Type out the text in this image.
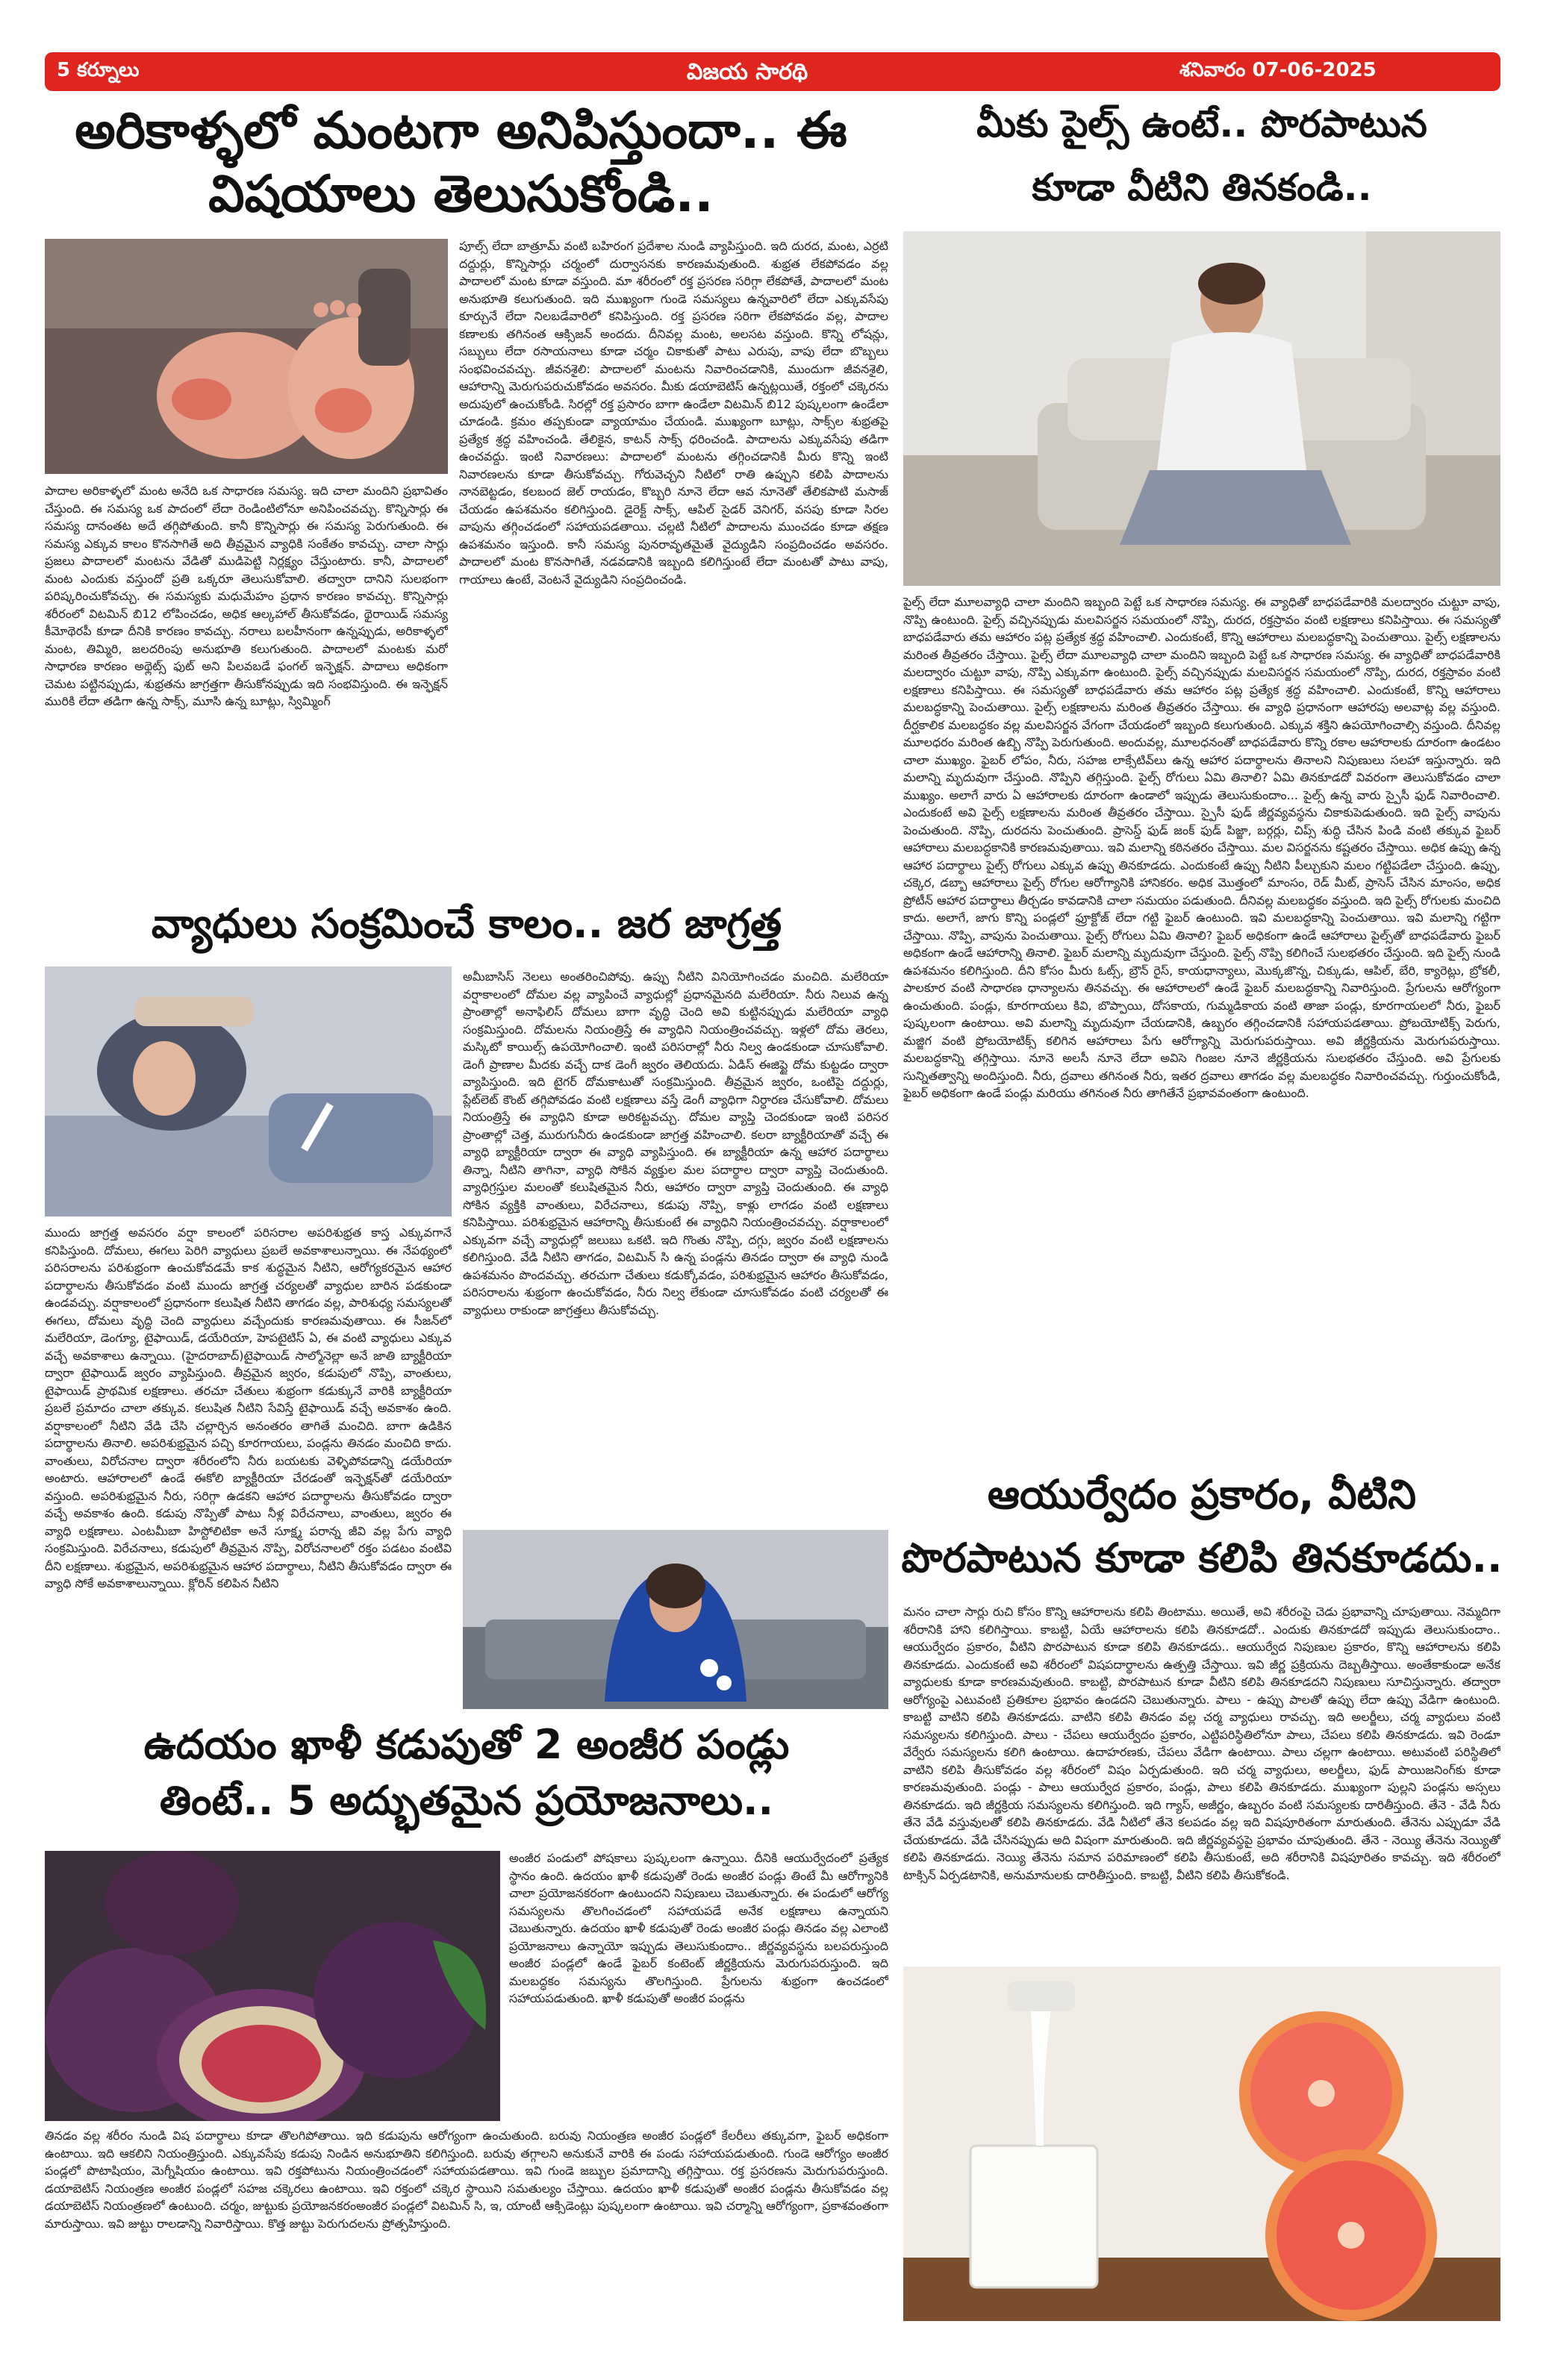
5 కర్నూలు	విజయ సారథి	శనివారం 07-06-2025
అరికాళ్ళలో మంటగా అనిపిస్తుందా.. ఈ
విషయాలు తెలుసుకోండి..
పాదాల అరికాళ్ళలో మంట అనేది ఒక సాధారణ సమస్య. ఇది చాలా మందిని ప్రభావితం చేస్తుంది. ఈ సమస్య ఒక పాదంలో లేదా రెండింటిలోనూ అనిపించవచ్చు. కొన్నిసార్లు ఈ సమస్య దానంతట అదే తగ్గిపోతుంది. కానీ కొన్నిసార్లు ఈ సమస్య పెరుగుతుంది. ఈ సమస్య ఎక్కువ కాలం కొనసాగితే అది తీవ్రమైన వ్యాధికి సంకేతం కావచ్చు. చాలా సార్లు ప్రజలు పాదాలలో మంటను వేడితో ముడిపెట్టి నిర్లక్ష్యం చేస్తుంటారు. కానీ, పాదాలలో మంట ఎందుకు వస్తుందో ప్రతి ఒక్కరూ తెలుసుకోవాలి. తద్వారా దానిని సులభంగా పరిష్కరించుకోవచ్చు. ఈ సమస్యకు మధుమేహం ప్రధాన కారణం కావచ్చు. కొన్నిసార్లు శరీరంలో విటమిన్ బి12 లోపించడం, అధిక ఆల్కహాల్ తీసుకోవడం, థైరాయిడ్ సమస్య కీమోథెరపీ కూడా దీనికి కారణం కావచ్చు. నరాలు బలహీనంగా ఉన్నప్పుడు, అరికాళ్ళలో మంట, తిమ్మిరి, జలదరింపు అనుభూతి కలుగుతుంది. పాదాలలో మంటకు మరో సాధారణ కారణం అథ్లెట్స్ ఫుట్ అని పిలవబడే ఫంగల్ ఇన్ఫెక్షన్. పాదాలు అధికంగా చెమట పట్టినప్పుడు, శుభ్రతను జాగ్రత్తగా తీసుకోనప్పుడు ఇది సంభవిస్తుంది. ఈ ఇన్ఫెక్షన్ మురికి లేదా తడిగా ఉన్న సాక్స్, మూసి ఉన్న బూట్లు, స్విమ్మింగ్
పూల్స్ లేదా బాత్రూమ్ వంటి బహిరంగ ప్రదేశాల నుండి వ్యాపిస్తుంది. ఇది దురద, మంట, ఎర్రటి దద్దుర్లు, కొన్నిసార్లు చర్మంలో దుర్వాసనకు కారణమవుతుంది. శుభ్రత లేకపోవడం వల్ల పాదాలలో మంట కూడా వస్తుంది. మా శరీరంలో రక్త ప్రసరణ సరిగ్గా లేకపోతే, పాదాలలో మంట అనుభూతి కలుగుతుంది. ఇది ముఖ్యంగా గుండె సమస్యలు ఉన్నవారిలో లేదా ఎక్కువసేపు కూర్చునే లేదా నిలబడేవారిలో కనిపిస్తుంది. రక్త ప్రసరణ సరిగా లేకపోవడం వల్ల, పాదాల కణాలకు తగినంత ఆక్సిజన్ అందదు. దీనివల్ల మంట, అలసట వస్తుంది. కొన్ని లోషన్లు, సబ్బులు లేదా రసాయనాలు కూడా చర్మం చికాకుతో పాటు ఎరుపు, వాపు లేదా బొబ్బలు సంభవించవచ్చు. జీవనశైలి: పాదాలలో మంటను నివారించడానికి, ముందుగా జీవనశైలి, ఆహారాన్ని మెరుగుపరుచుకోవడం అవసరం. మీకు డయాబెటిస్ ఉన్నట్లయితే, రక్తంలో చక్కెరను అదుపులో ఉంచుకోండి. సిరల్లో రక్త ప్రసారం బాగా ఉండేలా విటమిన్ బి12 పుష్కలంగా ఉండేలా చూడండి. క్రమం తప్పకుండా వ్యాయామం చేయండి. ముఖ్యంగా బూట్లు, సాక్స్‌ల శుభ్రతపై ప్రత్యేక శ్రద్ధ వహించండి. తేలికైన, కాటన్ సాక్స్ ధరించండి. పాదాలను ఎక్కువసేపు తడిగా ఉంచవద్దు. ఇంటి నివారణలు: పాదాలలో మంటను తగ్గించడానికి మీరు కొన్ని ఇంటి నివారణలను కూడా తీసుకోవచ్చు. గోరువెచ్చని నీటిలో రాతి ఉప్పుని కలిపి పాదాలను నానబెట్టడం, కలబంద జెల్ రాయడం, కొబ్బరి నూనె లేదా ఆవ నూనెతో తేలికపాటి మసాజ్ చేయడం ఉపశమనం కలిగిస్తుంది. డైరెక్ట్ సాక్స్, ఆపిల్ సైడర్ వెనిగర్, వసపు కూడా సిరల వాపును తగ్గించడంలో సహాయపడతాయి. చల్లటి నీటిలో పాదాలను ముంచడం కూడా తక్షణ ఉపశమనం ఇస్తుంది. కానీ సమస్య పునరావృతమైతే వైద్యుడిని సంప్రదించడం అవసరం. పాదాలలో మంట కొనసాగితే, నడవడానికి ఇబ్బంది కలిగిస్తుంటే లేదా మంటతో పాటు వాపు, గాయాలు ఉంటే, వెంటనే వైద్యుడిని సంప్రదించండి.
వ్యాధులు సంక్రమించే కాలం.. జర జాగ్రత్త
ముందు జాగ్రత్త అవసరం వర్షా కాలంలో పరిసరాల అపరిశుభ్రత కాస్త ఎక్కువగానే కనిపిస్తుంది. దోమలు, ఈగలు పెరిగి వ్యాధులు ప్రబలే అవకాశాలున్నాయి. ఈ నేపథ్యంలో పరిసరాలను పరిశుభ్రంగా ఉంచుకోవడమే కాక శుద్ధమైన నీటిని, ఆరోగ్యకరమైన ఆహార పదార్థాలను తీసుకోవడం వంటి ముందు జాగ్రత్త చర్యలతో వ్యాధుల బారిన పడకుండా ఉండవచ్చు. వర్షాకాలంలో ప్రధానంగా కలుషిత నీటిని తాగడం వల్ల, పారిశుధ్య సమస్యలతో ఈగలు, దోమలు వృద్ధి చెంది వ్యాధులు వచ్చేందుకు కారణమవుతాయి. ఈ సీజన్‌లో మలేరియా, డెంగ్యూ, టైఫాయిడ్, డయేరియా, హెపటైటిస్ ఏ, ఈ వంటి వ్యాధులు ఎక్కువ వచ్చే అవకాశాలు ఉన్నాయి. (హైదరాబాద్)టైఫాయిడ్ సాల్మోనెల్లా అనే జాతి బ్యాక్టీరియా ద్వారా టైఫాయిడ్ జ్వరం వ్యాపిస్తుంది. తీవ్రమైన జ్వరం, కడుపులో నొప్పి, వాంతులు, టైఫాయిడ్ ప్రాథమిక లక్షణాలు. తరచూ చేతులు శుభ్రంగా కడుక్కునే వారికి బ్యాక్టీరియా ప్రబలే ప్రమాదం చాలా తక్కువ. కలుషిత నీటిని సేవిస్తే టైఫాయిడ్ వచ్చే అవకాశం ఉంది. వర్షాకాలంలో నీటిని వేడి చేసి చల్లార్చిన అనంతరం తాగితే మంచిది. బాగా ఉడికిన పదార్థాలను తినాలి. అపరిశుభ్రమైన పచ్చి కూరగాయలు, పండ్లను తినడం మంచిది కాదు. వాంతులు, విరోచనాల ద్వారా శరీరంలోని నీరు బయటకు వెళ్ళిపోవడాన్ని డయేరియా అంటారు. ఆహారాలలో ఉండే ఈకోలి బ్యాక్టీరియా చేరడంతో ఇన్ఫెక్షన్‌తో డయేరియా వస్తుంది. అపరిశుభ్రమైన నీరు, సరిగ్గా ఉడకని ఆహార పదార్థాలను తీసుకోవడం ద్వారా వచ్చే అవకాశం ఉంది. కడుపు నొప్పితో పాటు నీళ్ల విరేచనాలు, వాంతులు, జ్వరం ఈ వ్యాధి లక్షణాలు. ఎంటమీబా హిస్టోలిటికా అనే సూక్ష్మ పరాన్న జీవి వల్ల పేగు వ్యాధి సంక్రమిస్తుంది. విరేచనాలు, కడుపులో తీవ్రమైన నొప్పి, విరోచనాలలో రక్తం పడటం వంటివి దీని లక్షణాలు. శుభ్రమైన, అపరిశుభ్రమైన ఆహార పదార్థాలు, నీటిని తీసుకోవడం ద్వారా ఈ వ్యాధి సోకే అవకాశాలున్నాయి. క్లోరిన్ కలిపిన నీటిని
అమీబాసిస్ నెలలు అంతరించిపోవు. ఉప్పు నీటిని వినియోగించడం మంచిది. మలేరియా వర్షాకాలంలో దోమల వల్ల వ్యాపించే వ్యాధుల్లో ప్రధానమైనది మలేరియా. నీరు నిలువ ఉన్న ప్రాంతాల్లో అనాఫిలిస్ దోమలు బాగా వృద్ధి చెంది అవి కుట్టినప్పుడు మలేరియా వ్యాధి సంక్రమిస్తుంది. దోమలను నియంత్రిస్తే ఈ వ్యాధిని నియంత్రించవచ్చు. ఇళ్లలో దోమ తెరలు, మస్కిటో కాయిల్స్ ఉపయోగించాలి. ఇంటి పరిసరాల్లో నీరు నిల్వ ఉండకుండా చూసుకోవాలి. డెంగీ ప్రాణాల మీదకు వచ్చే దాక డెంగీ జ్వరం తెలియదు. ఏడిస్ ఈజిప్టై దోమ కుట్టడం ద్వారా వ్యాపిస్తుంది. ఇది టైగర్ దోమకాటుతో సంక్రమిస్తుంది. తీవ్రమైన జ్వరం, ఒంటిపై దద్దుర్లు, ప్లేట్‌లెట్ కౌంట్ తగ్గిపోవడం వంటి లక్షణాలు వస్తే డెంగీ వ్యాధిగా నిర్ధారణ చేసుకోవాలి. దోమలు నియంత్రిస్తే ఈ వ్యాధిని కూడా అరికట్టవచ్చు. దోమల వ్యాప్తి చెందకుండా ఇంటి పరిసర ప్రాంతాల్లో చెత్త, మురుగునీరు ఉండకుండా జాగ్రత్త వహించాలి. కలరా బ్యాక్టీరియాతో వచ్చే ఈ వ్యాధి బ్యాక్టీరియా ద్వారా ఈ వ్యాధి వ్యాపిస్తుంది. ఈ బ్యాక్టీరియా ఉన్న ఆహార పదార్థాలు తిన్నా, నీటిని తాగినా, వ్యాధి సోకిన వ్యక్తుల మల పదార్థాల ద్వారా వ్యాప్తి చెందుతుంది. వ్యాధిగ్రస్తుల మలంతో కలుషితమైన నీరు, ఆహారం ద్వారా వ్యాప్తి చెందుతుంది. ఈ వ్యాధి సోకిన వ్యక్తికి వాంతులు, విరేచనాలు, కడుపు నొప్పి, కాళ్లు లాగడం వంటి లక్షణాలు కనిపిస్తాయి. పరిశుభ్రమైన ఆహారాన్ని తీసుకుంటే ఈ వ్యాధిని నియంత్రించవచ్చు. వర్షాకాలంలో ఎక్కువగా వచ్చే వ్యాధుల్లో జలుబు ఒకటి. ఇది గొంతు నొప్పి, దగ్గు, జ్వరం వంటి లక్షణాలను కలిగిస్తుంది. వేడి నీటిని తాగడం, విటమిన్ సి ఉన్న పండ్లను తినడం ద్వారా ఈ వ్యాధి నుండి ఉపశమనం పొందవచ్చు. తరచుగా చేతులు కడుక్కోవడం, పరిశుభ్రమైన ఆహారం తీసుకోవడం, పరిసరాలను శుభ్రంగా ఉంచుకోవడం, నీరు నిల్వ లేకుండా చూసుకోవడం వంటి చర్యలతో ఈ వ్యాధులు రాకుండా జాగ్రత్తలు తీసుకోవచ్చు.
ఉదయం ఖాళీ కడుపుతో 2 అంజీర పండ్లు
తింటే.. 5 అద్భుతమైన ప్రయోజనాలు..
అంజీర పండులో పోషకాలు పుష్కలంగా ఉన్నాయి. దీనికి ఆయుర్వేదంలో ప్రత్యేక స్థానం ఉంది. ఉదయం ఖాళీ కడుపుతో రెండు అంజీర పండ్లు తింటే మీ ఆరోగ్యానికి చాలా ప్రయోజనకరంగా ఉంటుందని నిపుణులు చెబుతున్నారు. ఈ పండులో ఆరోగ్య సమస్యలను తొలగించడంలో సహాయపడే అనేక లక్షణాలు ఉన్నాయని చెబుతున్నారు. ఉదయం ఖాళీ కడుపుతో రెండు అంజీర పండ్లు తినడం వల్ల ఎలాంటి ప్రయోజనాలు ఉన్నాయో ఇప్పుడు తెలుసుకుందాం.. జీర్ణవ్యవస్థను బలపరుస్తుంది అంజీర పండ్లలో ఉండే ఫైబర్ కంటెంట్ జీర్ణక్రియను మెరుగుపరుస్తుంది. ఇది మలబద్ధకం సమస్యను తొలగిస్తుంది. ప్రేగులను శుభ్రంగా ఉంచడంలో సహాయపడుతుంది. ఖాళీ కడుపుతో అంజీర పండ్లను
తినడం వల్ల శరీరం నుండి విష పదార్థాలు కూడా తొలగిపోతాయి. ఇది కడుపును ఆరోగ్యంగా ఉంచుతుంది. బరువు నియంత్రణ అంజీర పండ్లలో కేలరీలు తక్కువగా, ఫైబర్ అధికంగా ఉంటాయి. ఇది ఆకలిని నియంత్రిస్తుంది. ఎక్కువసేపు కడుపు నిండిన అనుభూతిని కలిగిస్తుంది. బరువు తగ్గాలని అనుకునే వారికి ఈ పండు సహాయపడుతుంది. గుండె ఆరోగ్యం అంజీర పండ్లలో పొటాషియం, మెగ్నీషియం ఉంటాయి. ఇవి రక్తపోటును నియంత్రించడంలో సహాయపడతాయి. ఇవి గుండె జబ్బుల ప్రమాదాన్ని తగ్గిస్తాయి. రక్త ప్రసరణను మెరుగుపరుస్తుంది. డయాబెటిస్ నియంత్రణ అంజీర పండ్లలో సహజ చక్కెరలు ఉంటాయి. ఇవి రక్తంలో చక్కెర స్థాయిని సమతుల్యం చేస్తాయి. ఉదయం ఖాళీ కడుపుతో అంజీర పండ్లను తీసుకోవడం వల్ల డయాబెటిస్ నియంత్రణలో ఉంటుంది. చర్మం, జుట్టుకు ప్రయోజనకరంఅంజీర పండ్లలో విటమిన్ సి, ఇ, యాంటీ ఆక్సిడెంట్లు పుష్కలంగా ఉంటాయి. ఇవి చర్మాన్ని ఆరోగ్యంగా, ప్రకాశవంతంగా మారుస్తాయి. ఇవి జుట్టు రాలడాన్ని నివారిస్తాయి. కొత్త జుట్టు పెరుగుదలను ప్రోత్సహిస్తుంది.
మీకు పైల్స్ ఉంటే.. పొరపాటున
కూడా వీటిని తినకండి..
పైల్స్ లేదా మూలవ్యాధి చాలా మందిని ఇబ్బంది పెట్టే ఒక సాధారణ సమస్య. ఈ వ్యాధితో బాధపడేవారికి మలద్వారం చుట్టూ వాపు, నొప్పి ఉంటుంది. పైల్స్ వచ్చినప్పుడు మలవిసర్జన సమయంలో నొప్పి, దురద, రక్తస్రావం వంటి లక్షణాలు కనిపిస్తాయి. ఈ సమస్యతో బాధపడేవారు తమ ఆహారం పట్ల ప్రత్యేక శ్రద్ధ వహించాలి. ఎందుకంటే, కొన్ని ఆహారాలు మలబద్ధకాన్ని పెంచుతాయి. పైల్స్ లక్షణాలను మరింత తీవ్రతరం చేస్తాయి. పైల్స్ లేదా మూలవ్యాధి చాలా మందిని ఇబ్బంది పెట్టే ఒక సాధారణ సమస్య. ఈ వ్యాధితో బాధపడేవారికి మలద్వారం చుట్టూ వాపు, నొప్పి ఎక్కువగా ఉంటుంది. పైల్స్ వచ్చినప్పుడు మలవిసర్జన సమయంలో నొప్పి, దురద, రక్తస్రావం వంటి లక్షణాలు కనిపిస్తాయి. ఈ సమస్యతో బాధపడేవారు తమ ఆహారం పట్ల ప్రత్యేక శ్రద్ధ వహించాలి. ఎందుకంటే, కొన్ని ఆహారాలు మలబద్ధకాన్ని పెంచుతాయి. పైల్స్ లక్షణాలను మరింత తీవ్రతరం చేస్తాయి. ఈ వ్యాధి ప్రధానంగా ఆహారపు అలవాట్ల వల్ల వస్తుంది. దీర్ఘకాలిక మలబద్ధకం వల్ల మలవిసర్జన వేగంగా చేయడంలో ఇబ్బంది కలుగుతుంది. ఎక్కువ శక్తిని ఉపయోగించాల్సి వస్తుంది. దీనివల్ల మూలధరం మరింత ఉబ్బి నొప్పి పెరుగుతుంది. అందువల్ల, మూలధనంతో బాధపడేవారు కొన్ని రకాల ఆహారాలకు దూరంగా ఉండటం చాలా ముఖ్యం. ఫైబర్ లోపం, నీరు, సహజ లాక్సేటివ్‌లు ఉన్న ఆహార పదార్థాలను తినాలని నిపుణులు సలహా ఇస్తున్నారు. ఇది మలాన్ని మృదువుగా చేస్తుంది. నొప్పిని తగ్గిస్తుంది. పైల్స్ రోగులు ఏమి తినాలి? ఏమి తినకూడదో వివరంగా తెలుసుకోవడం చాలా ముఖ్యం. అలాగే వారు ఏ ఆహారాలకు దూరంగా ఉండాలో ఇప్పుడు తెలుసుకుందాం... పైల్స్ ఉన్న వారు స్పైసీ ఫుడ్ నివారించాలి. ఎందుకంటే అవి పైల్స్ లక్షణాలను మరింత తీవ్రతరం చేస్తాయి. స్పైసీ ఫుడ్ జీర్ణవ్యవస్థను చికాకుపెడుతుంది. ఇది పైల్స్ వాపును పెంచుతుంది. నొప్పి, దురదను పెంచుతుంది. ప్రాసెస్డ్ ఫుడ్ జంక్ ఫుడ్ పిజ్జా, బర్గర్లు, చిప్స్ శుద్ధి చేసిన పిండి వంటి తక్కువ ఫైబర్ ఆహారాలు మలబద్ధకానికి కారణమవుతాయి. ఇవి మలాన్ని కఠినతరం చేస్తాయి. మల విసర్జనను కష్టతరం చేస్తాయి. అధిక ఉప్పు ఉన్న ఆహార పదార్థాలు పైల్స్ రోగులు ఎక్కువ ఉప్పు తినకూడదు. ఎందుకంటే ఉప్పు నీటిని పీల్చుకుని మలం గట్టిపడేలా చేస్తుంది. ఉప్పు, చక్కెర, డబ్బా ఆహారాలు పైల్స్ రోగుల ఆరోగ్యానికి హానికరం. అధిక మొత్తంలో మాంసం, రెడ్ మీట్, ప్రాసెస్ చేసిన మాంసం, అధిక ప్రోటీన్ ఆహార పదార్థాలు తీర్చడం కావడానికి చాలా సమయం పడుతుంది. దీనివల్ల మలబద్ధకం వస్తుంది. ఇది పైల్స్ రోగులకు మంచిది కాదు. అలాగే, జాగు కొన్ని పండ్లలో ఫ్రూక్టోజ్ లేదా గట్టి ఫైబర్ ఉంటుంది. ఇవి మలబద్ధకాన్ని పెంచుతాయి. ఇవి మలాన్ని గట్టిగా చేస్తాయి. నొప్పి, వాపును పెంచుతాయి. పైల్స్ రోగులు ఏమి తినాలి? ఫైబర్ అధికంగా ఉండే ఆహారాలు పైల్స్‌తో బాధపడేవారు ఫైబర్ అధికంగా ఉండే ఆహారాన్ని తినాలి. ఫైబర్ మలాన్ని మృదువుగా చేస్తుంది. పైల్స్ నొప్పి కలిగించే సులభతరం చేస్తుంది. ఇది పైల్స్ నుండి ఉపశమనం కలిగిస్తుంది. దీని కోసం మీరు ఓట్స్, బ్రౌన్ రైస్, కాయధాన్యాలు, మొక్కజొన్న, చిక్కుడు, ఆపిల్, బేరి, క్యారెట్లు, బ్రోకలీ, పాలకూర వంటి సాధారణ ధాన్యాలను తినవచ్చు. ఈ ఆహారాలలో ఉండే ఫైబర్ మలబద్ధకాన్ని నివారిస్తుంది. ప్రేగులను ఆరోగ్యంగా ఉంచుతుంది. పండ్లు, కూరగాయలు కివి, బొప్పాయి, దోసకాయ, గుమ్మడికాయ వంటి తాజా పండ్లు, కూరగాయలలో నీరు, ఫైబర్ పుష్కలంగా ఉంటాయి. అవి మలాన్ని మృదువుగా చేయడానికి, ఉబ్బరం తగ్గించడానికి సహాయపడతాయి. ప్రోబయోటిక్స్ పెరుగు, మజ్జిగ వంటి ప్రోబయోటిక్స్ కలిగిన ఆహారాలు పేగు ఆరోగ్యాన్ని మెరుగుపరుస్తాయి. అవి జీర్ణక్రియను మెరుగుపరుస్తాయి. మలబద్ధకాన్ని తగ్గిస్తాయి. నూనె అలసీ నూనె లేదా అవిసె గింజల నూనె జీర్ణక్రియను సులభతరం చేస్తుంది. అవి ప్రేగులకు సున్నితత్వాన్ని అందిస్తుంది. నీరు, ద్రవాలు తగినంత నీరు, ఇతర ద్రవాలు తాగడం వల్ల మలబద్ధకం నివారించవచ్చు. గుర్తుంచుకోండి, ఫైబర్ అధికంగా ఉండే పండ్లు మరియు తగినంత నీరు తాగితేనే ప్రభావవంతంగా ఉంటుంది.
ఆయుర్వేదం ప్రకారం, వీటిని
పొరపాటున కూడా కలిపి తినకూడదు..
మనం చాలా సార్లు రుచి కోసం కొన్ని ఆహారాలను కలిపి తింటాము. అయితే, అవి శరీరంపై చెడు ప్రభావాన్ని చూపుతాయి. నెమ్మదిగా శరీరానికి హాని కలిగిస్తాయి. కాబట్టి, ఏయే ఆహారాలను కలిపి తినకూడదో.. ఎందుకు తినకూడదో ఇప్పుడు తెలుసుకుందాం.. ఆయుర్వేదం ప్రకారం, వీటిని పొరపాటున కూడా కలిపి తినకూడదు.. ఆయుర్వేద నిపుణుల ప్రకారం, కొన్ని ఆహారాలను కలిపి తినకూడదు. ఎందుకంటే అవి శరీరంలో విషపదార్థాలను ఉత్పత్తి చేస్తాయి. ఇవి జీర్ణ ప్రక్రియను దెబ్బతీస్తాయి. అంతేకాకుండా అనేక వ్యాధులకు కూడా కారణమవుతుంది. కాబట్టి, పొరపాటున కూడా వీటిని కలిపి తినకూడదని నిపుణులు సూచిస్తున్నారు. తద్వారా ఆరోగ్యంపై ఎటువంటి ప్రతికూల ప్రభావం ఉండదని చెబుతున్నారు. పాలు - ఉప్పు పాలతో ఉప్పు లేదా ఉప్పు వేడిగా ఉంటుంది. కాబట్టి వాటిని కలిపి తినకూడదు. వాటిని కలిపి తినడం వల్ల చర్మ వ్యాధులు రావచ్చు. ఇది అలర్జీలు, చర్మ వ్యాధులు వంటి సమస్యలను కలిగిస్తుంది. పాలు - చేపలు ఆయుర్వేదం ప్రకారం, ఎట్టిపరిస్థితిలోనూ పాలు, చేపలు కలిపి తినకూడదు. ఇవి రెండూ వేర్వేరు సమస్యలను కలిగి ఉంటాయి. ఉదాహరణకు, చేపలు వేడిగా ఉంటాయి. పాలు చల్లగా ఉంటాయి. అటువంటి పరిస్థితిలో వాటిని కలిపి తీసుకోవడం వల్ల శరీరంలో విషం ఏర్పడుతుంది. ఇది చర్మ వ్యాధులు, అలర్జీలు, ఫుడ్ పాయిజనింగ్‌కు కూడా కారణమవుతుంది. పండ్లు - పాలు ఆయుర్వేద ప్రకారం, పండ్లు, పాలు కలిపి తినకూడదు. ముఖ్యంగా పుల్లని పండ్లను అస్సలు తినకూడదు. ఇది జీర్ణక్రియ సమస్యలను కలిగిస్తుంది. ఇది గ్యాస్, అజీర్ణం, ఉబ్బరం వంటి సమస్యలకు దారితీస్తుంది. తేనె - వేడి నీరు తేనె వేడి వస్తువులతో కలిపి తినకూడదు. వేడి నీటిలో తేనె కలపడం వల్ల ఇది విషపూరితంగా మారుతుంది. తేనెను ఎప్పుడూ వేడి చేయకూడదు. వేడి చేసినప్పుడు అది విషంగా మారుతుంది. ఇది జీర్ణవ్యవస్థపై ప్రభావం చూపుతుంది. తేనె - నెయ్యి తేనెను నెయ్యితో కలిపి తినకూడదు. నెయ్యి తేనెను సమాన పరిమాణంలో కలిపి తీసుకుంటే, అది శరీరానికి విషపూరితం కావచ్చు. ఇది శరీరంలో టాక్సిన్ ఏర్పడటానికి, అనుమానులకు దారితీస్తుంది. కాబట్టి, వీటిని కలిపి తీసుకోకండి.
